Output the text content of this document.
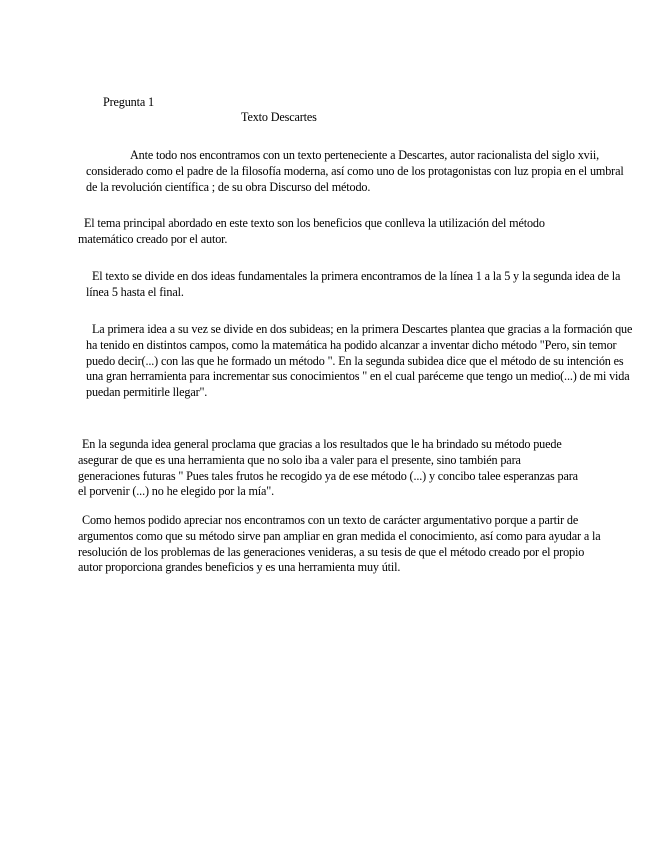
Pregunta 1

Texto Descartes

Ante todo nos encontramos con un texto perteneciente a Descartes, autor racionalista del siglo xvii, considerado como el padre de la filosofía moderna, así como uno de los protagonistas con luz propia en el umbral de la revolución científica ; de su obra Discurso del método.

El tema principal abordado en este texto son los beneficios que conlleva la utilización del método matemático creado por el autor.

El texto se divide en dos ideas fundamentales la primera encontramos de la línea 1 a la 5 y la segunda idea de la línea 5 hasta el final.

La primera idea a su vez se divide en dos subideas; en la primera Descartes plantea que gracias a la formación que ha tenido en distintos campos, como la matemática ha podido alcanzar a inventar dicho método "Pero, sin temor puedo decir(...) con las que he formado un método ". En la segunda subidea dice que el método de su intención es una gran herramienta para incrementar sus conocimientos " en el cual paréceme que tengo un medio(...) de mi vida puedan permitirle llegar".

En la segunda idea general proclama que gracias a los resultados que le ha brindado su método puede asegurar de que es una herramienta que no solo iba a valer para el presente, sino también para generaciones futuras " Pues tales frutos he recogido ya de ese método (...) y concibo talee esperanzas para el porvenir (...) no he elegido por la mía".

Como hemos podido apreciar nos encontramos con un texto de carácter argumentativo porque a partir de argumentos como que su método sirve pan ampliar en gran medida el conocimiento, así como para ayudar a la resolución de los problemas de las generaciones venideras, a su tesis de que el método creado por el propio autor proporciona grandes beneficios y es una herramienta muy útil.
